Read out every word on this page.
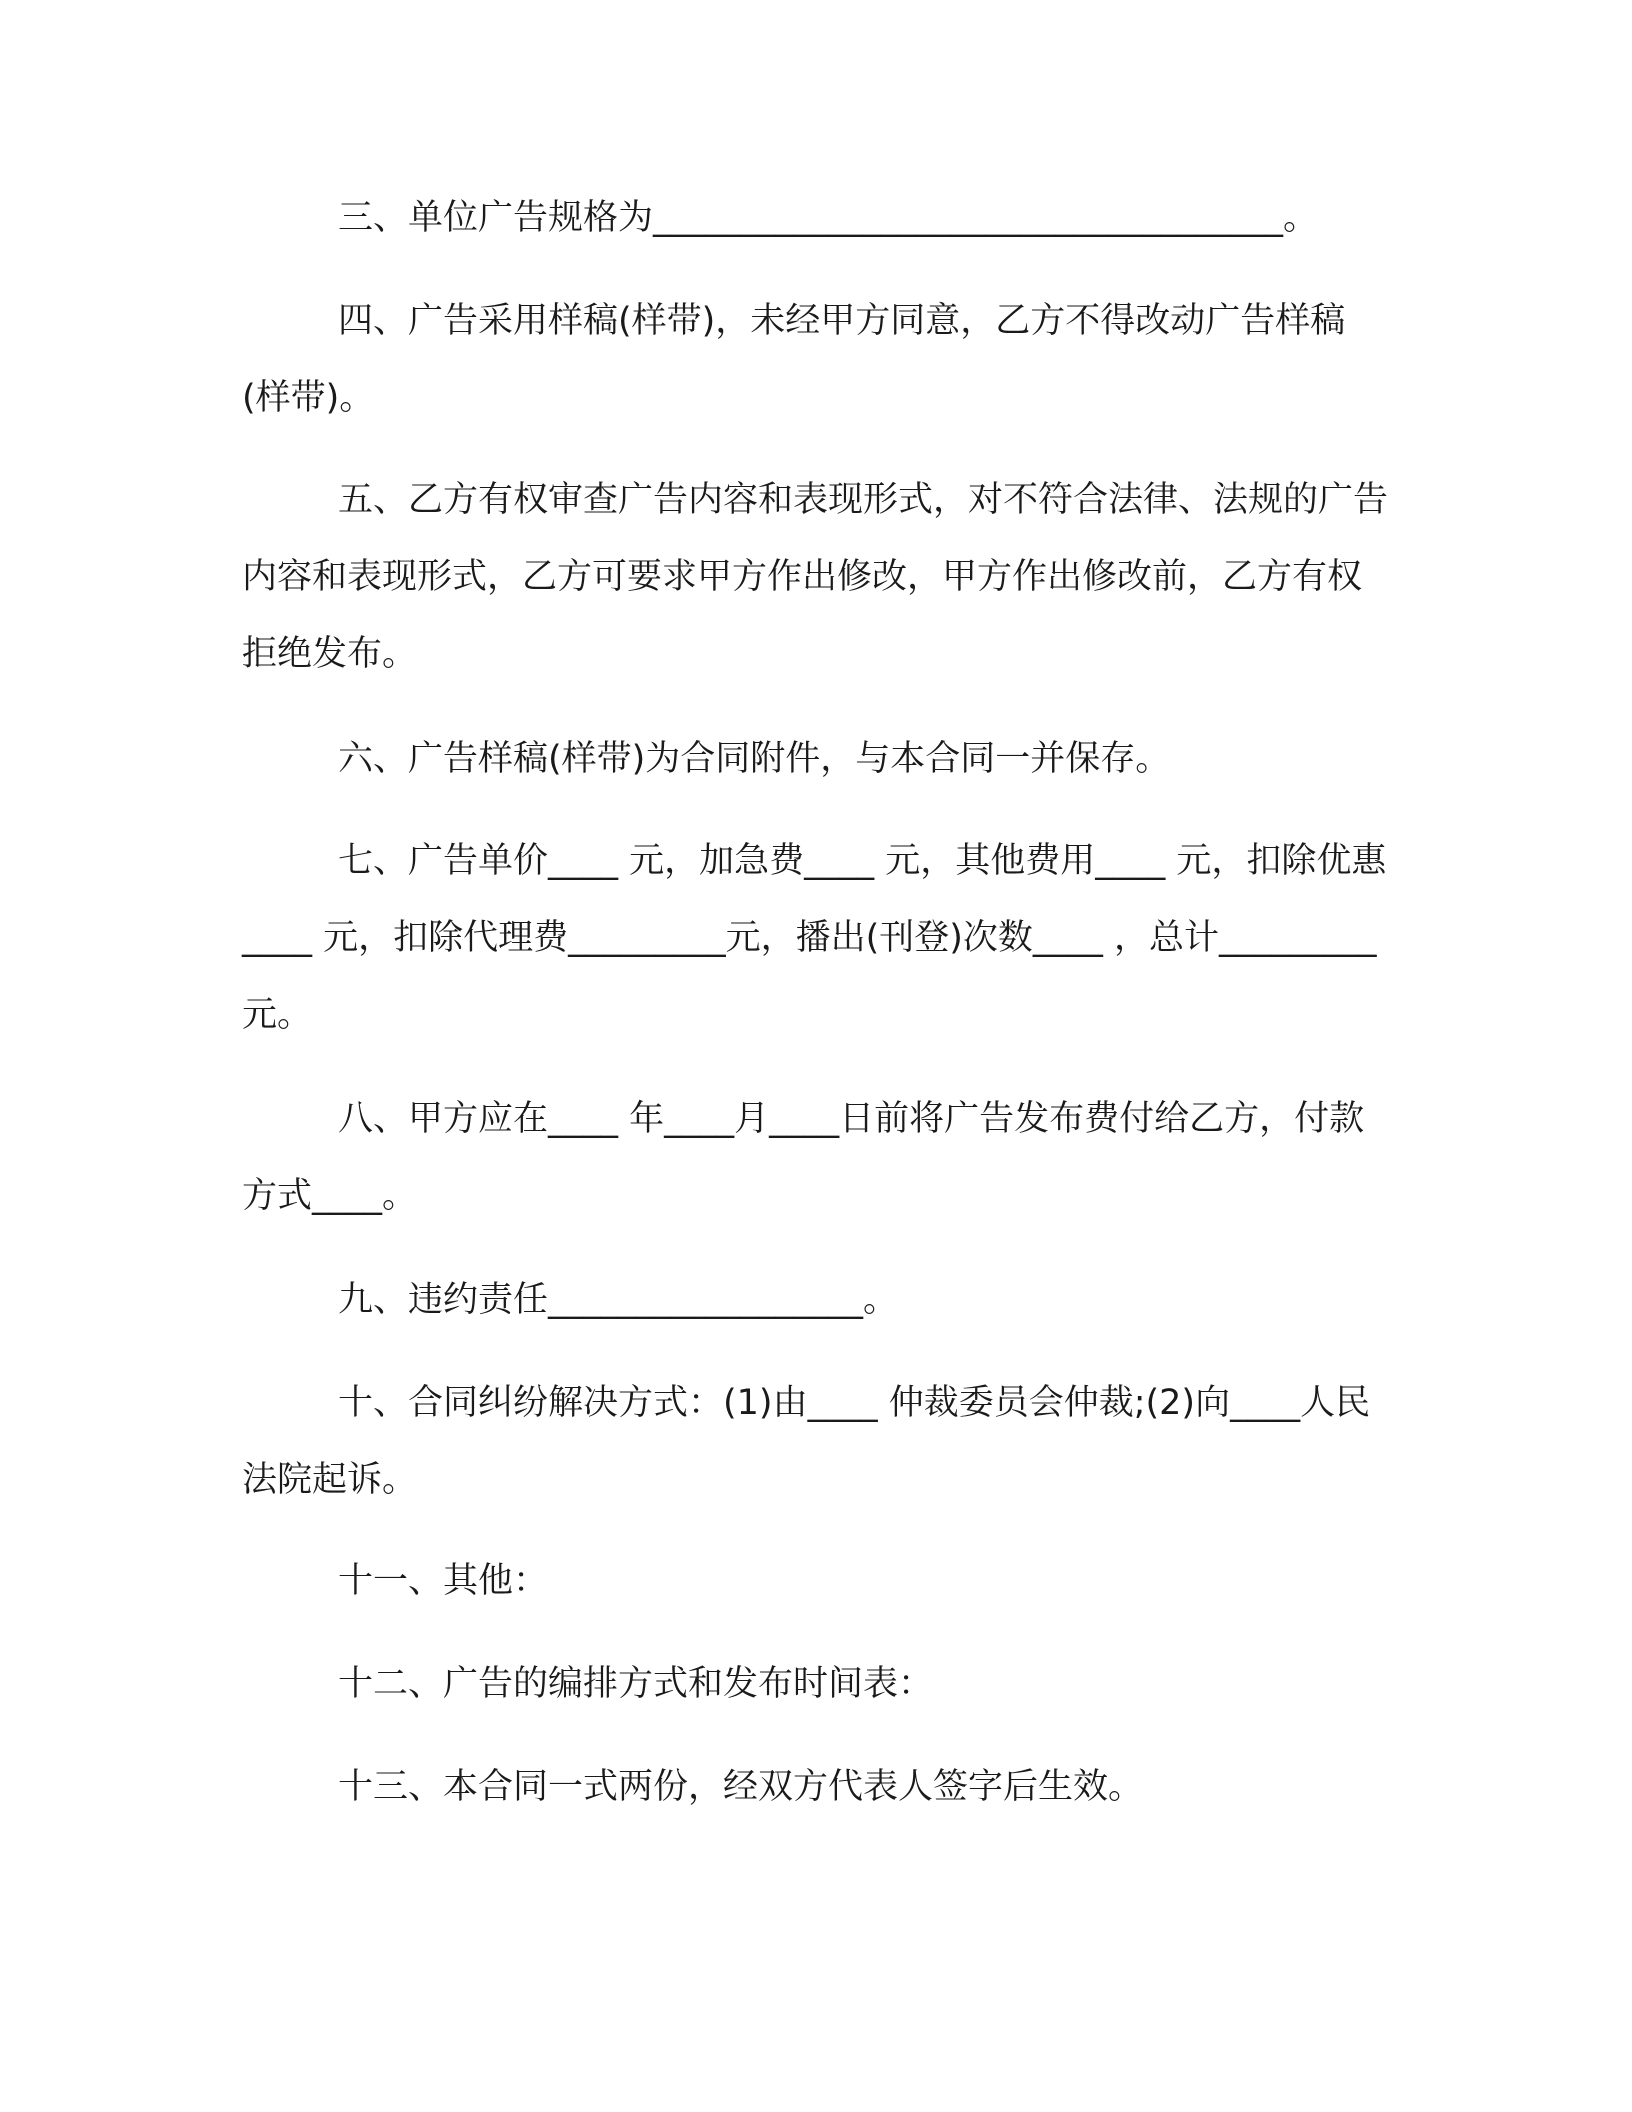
三、单位广告规格为____________________________________。

四、广告采用样稿(样带)，未经甲方同意，乙方不得改动广告样稿(样带)。

五、乙方有权审查广告内容和表现形式，对不符合法律、法规的广告内容和表现形式，乙方可要求甲方作出修改，甲方作出修改前，乙方有权拒绝发布。

六、广告样稿(样带)为合同附件，与本合同一并保存。

七、广告单价____ 元，加急费____ 元，其他费用____ 元，扣除优惠____ 元，扣除代理费_________元，播出(刊登)次数____ ，总计_________元。

八、甲方应在____ 年____月____日前将广告发布费付给乙方，付款方式____。

九、违约责任__________________。

十、合同纠纷解决方式：(1)由____ 仲裁委员会仲裁;(2)向____人民法院起诉。

十一、其他：

十二、广告的编排方式和发布时间表：

十三、本合同一式两份，经双方代表人签字后生效。
